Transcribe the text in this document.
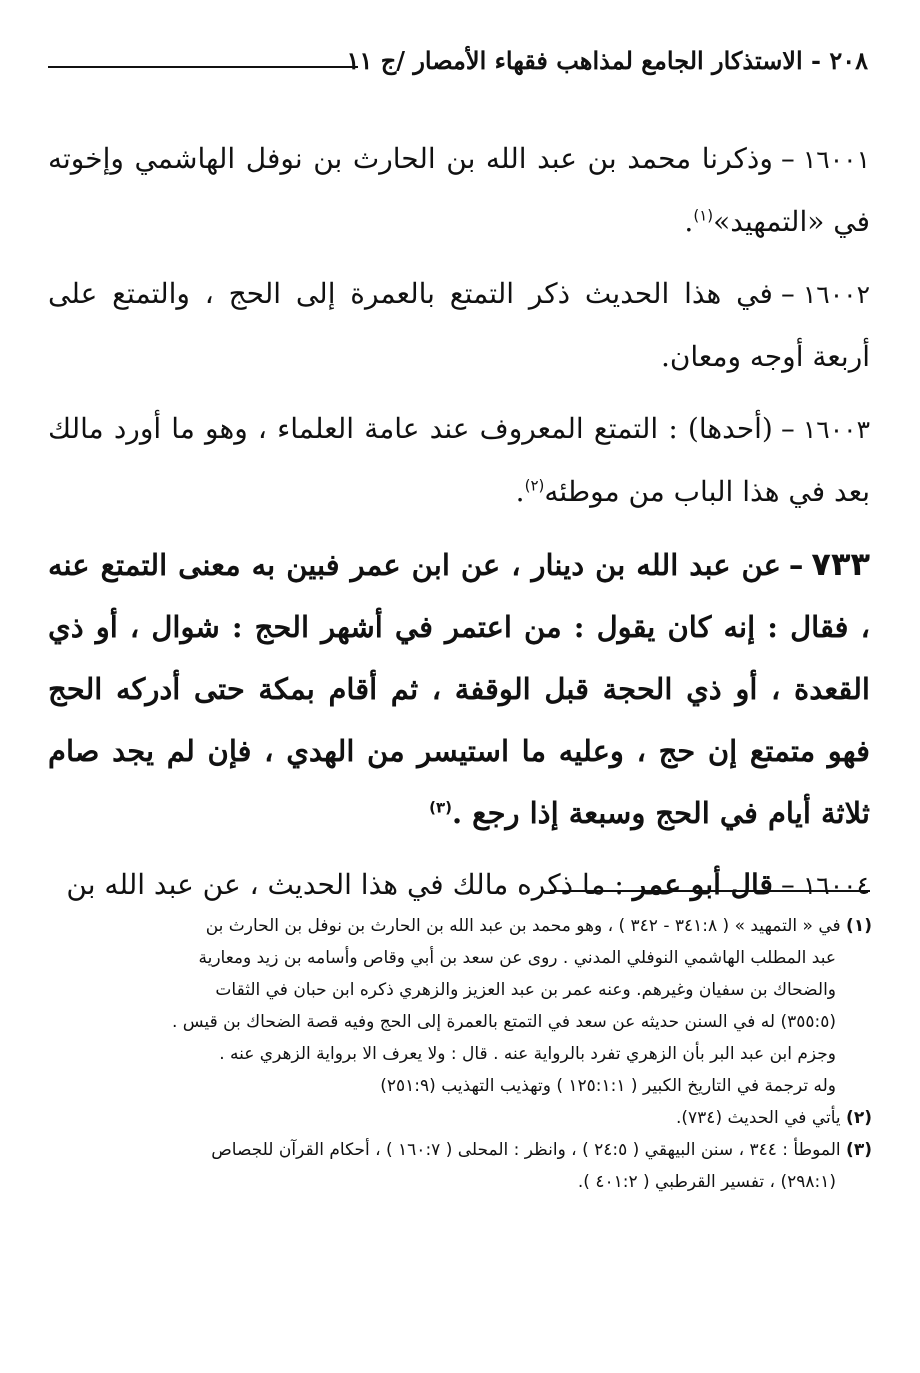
٢٠٨ - الاستذكار الجامع لمذاهب فقهاء الأمصار /ج ١١

١٦٠٠١–وذكرنا محمد بن عبد الله بن الحارث بن نوفل الهاشمي وإخوته في «التمهيد»$^{(١)}$.

١٦٠٠٢–في هذا الحديث ذكر التمتع بالعمرة إلى الحج ، والتمتع على أربعة أوجه ومعان.

١٦٠٠٣–(أحدها) : التمتع المعروف عند عامة العلماء ، وهو ما أورد مالك بعد في هذا الباب من موطئه$^{(٢)}$.

٧٣٣–عن عبد الله بن دينار ، عن ابن عمر فبين به معنى التمتع عنه ، فقال : إنه كان يقول : من اعتمر في أشهر الحج : شوال ، أو ذي القعدة ، أو ذي الحجة قبل الوقفة ، ثم أقام بمكة حتى أدركه الحج فهو متمتع إن حج ، وعليه ما استيسر من الهدي ، فإن لم يجد صام ثلاثة أيام في الحج وسبعة إذا رجع .$^{(٣)}$

١٦٠٠٤–قال أبو عمر : ما ذكره مالك في هذا الحديث ، عن عبد الله بن

(١) في « التمهيد » ( ٣٤١:٨ - ٣٤٢ ) ، وهو محمد بن عبد الله بن الحارث بن نوفل بن الحارث بن
عبد المطلب الهاشمي النوفلي المدني . روى عن سعد بن أبي وقاص وأسامه بن زيد ومعارية
والضحاك بن سفيان وغيرهم. وعنه عمر بن عبد العزيز والزهري ذكره ابن حبان في الثقات
(٣٥٥:٥) له في السنن حديثه عن سعد في التمتع بالعمرة إلى الحج وفيه قصة الضحاك بن قيس .
وجزم ابن عبد البر بأن الزهري تفرد بالرواية عنه . قال : ولا يعرف الا برواية الزهري عنه .
وله ترجمة في التاريخ الكبير ( ١٢٥:١:١ ) وتهذيب التهذيب (٢٥١:٩)

(٢) يأتي في الحديث (٧٣٤).

(٣) الموطأ : ٣٤٤ ، سنن البيهقي ( ٢٤:٥ ) ، وانظر : المحلى ( ١٦٠:٧ ) ، أحكام القرآن للجصاص
(٢٩٨:١) ، تفسير القرطبي ( ٤٠١:٢ ).
